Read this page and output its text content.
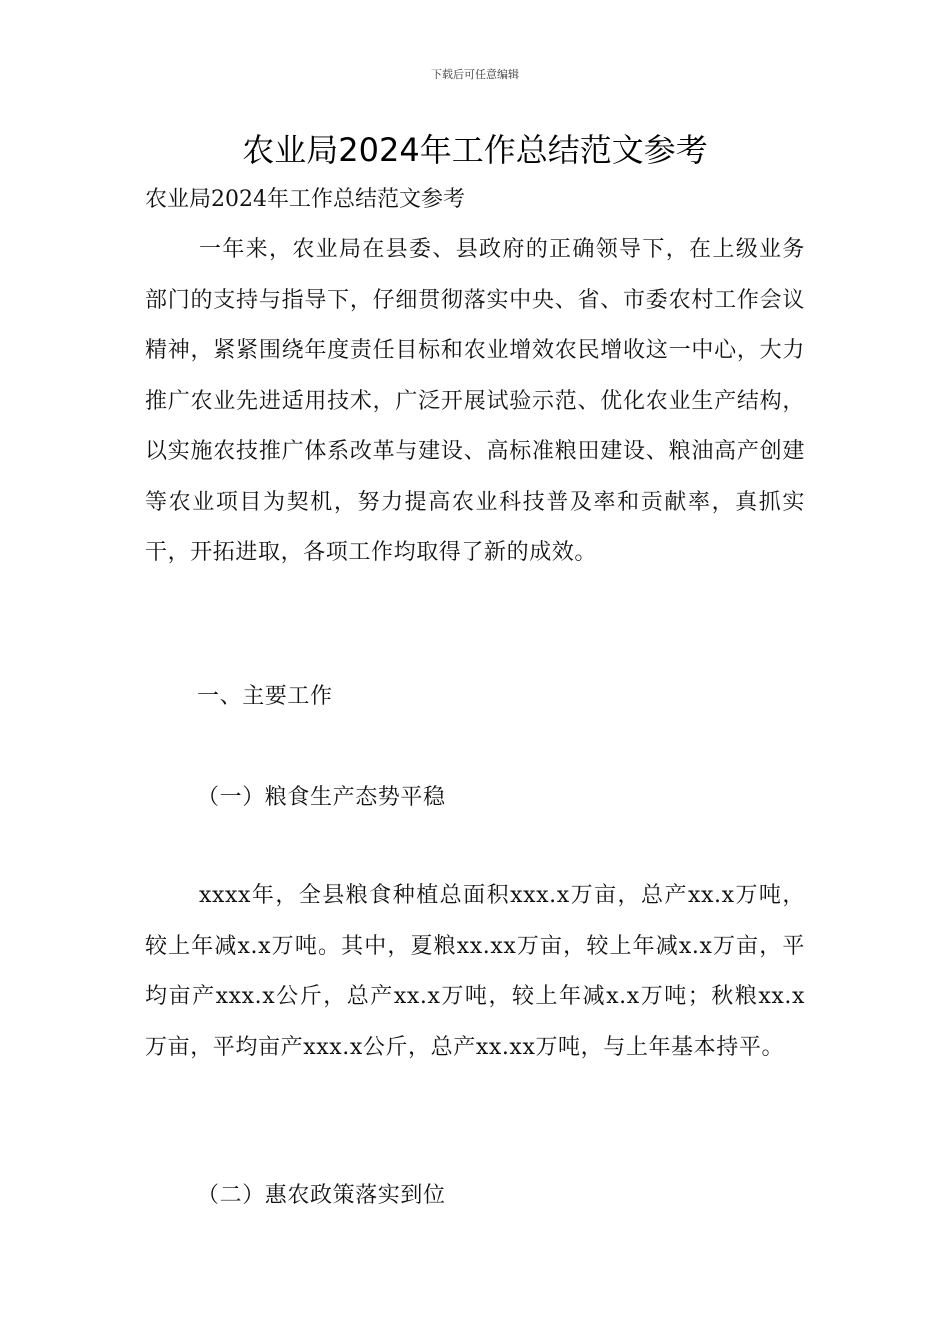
下载后可任意编辑
农业局2024年工作总结范文参考

农业局2024年工作总结范文参考

一年来，农业局在县委、县政府的正确领导下，在上级业务部门的支持与指导下，仔细贯彻落实中央、省、市委农村工作会议精神，紧紧围绕年度责任目标和农业增效农民增收这一中心，大力推广农业先进适用技术，广泛开展试验示范、优化农业生产结构，以实施农技推广体系改革与建设、高标准粮田建设、粮油高产创建等农业项目为契机，努力提高农业科技普及率和贡献率，真抓实干，开拓进取，各项工作均取得了新的成效。

一、主要工作
（一）粮食生产态势平稳

xxxx年，全县粮食种植总面积xxx.x万亩，总产xx.x万吨，较上年减x.x万吨。其中，夏粮xx.xx万亩，较上年减x.x万亩，平均亩产xxx.x公斤，总产xx.x万吨，较上年减x.x万吨；秋粮xx.x万亩，平均亩产xxx.x公斤，总产xx.xx万吨，与上年基本持平。

（二）惠农政策落实到位
